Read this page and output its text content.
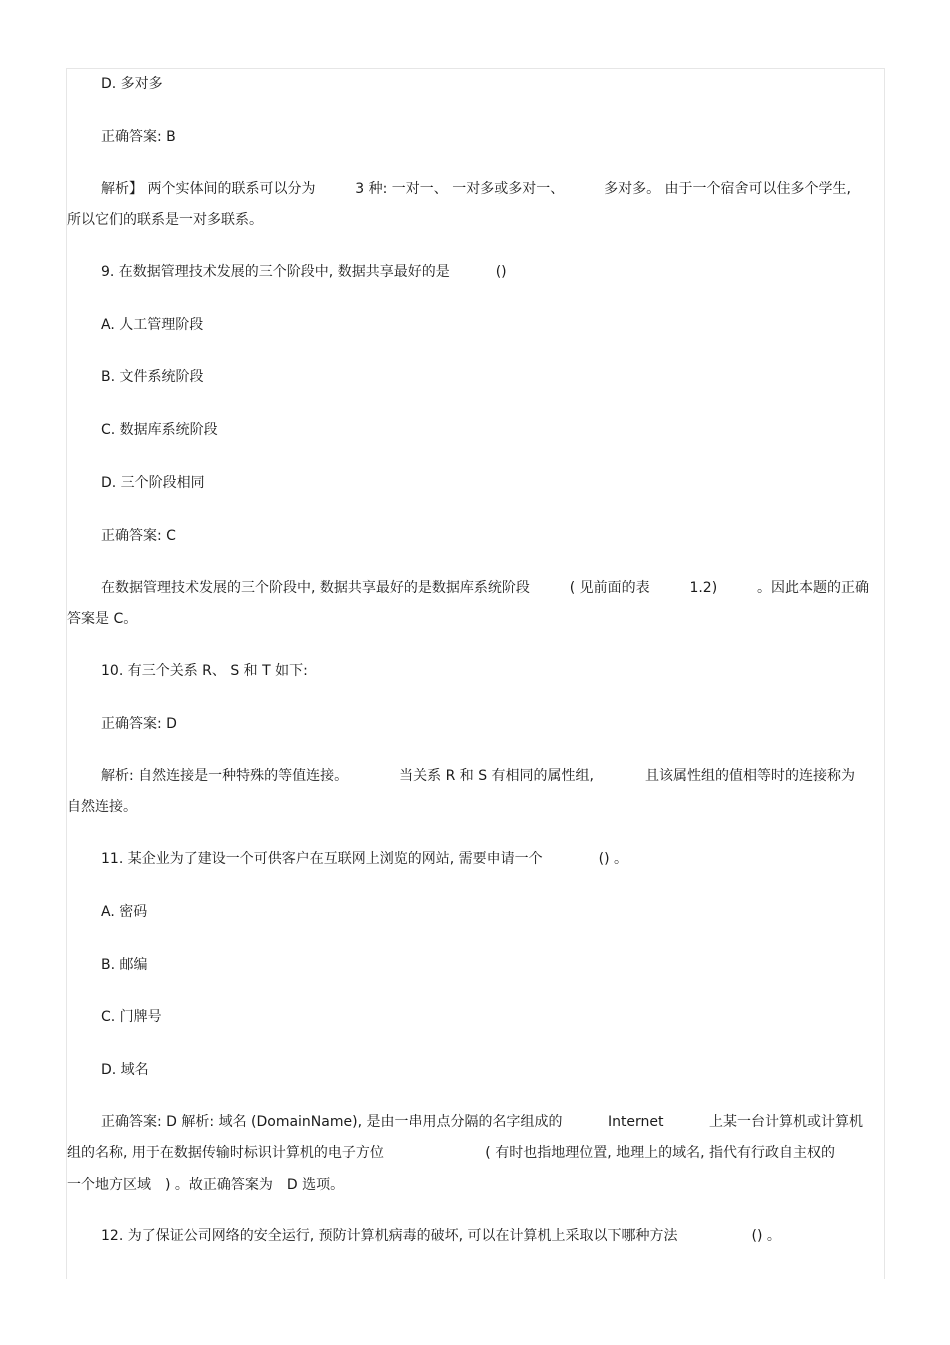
D. 多对多
正确答案: B
解析】 两个实体间的联系可以分为	3 种: 一对一、 一对多或多对一、	多对多。 由于一个宿舍可以住多个学生,
所以它们的联系是一对多联系。
9. 在数据管理技术发展的三个阶段中, 数据共享最好的是	()
A. 人工管理阶段
B. 文件系统阶段
C. 数据库系统阶段
D. 三个阶段相同
正确答案: C
在数据管理技术发展的三个阶段中, 数据共享最好的是数据库系统阶段	( 见前面的表	1.2)	。因此本题的正确
答案是 C。
10. 有三个关系 R、 S 和 T 如下:
正确答案: D
解析: 自然连接是一种特殊的等值连接。	当关系 R 和 S 有相同的属性组,	且该属性组的值相等时的连接称为
自然连接。
11. 某企业为了建设一个可供客户在互联网上浏览的网站, 需要申请一个	() 。
A. 密码
B. 邮编
C. 门牌号
D. 域名
正确答案: D 解析: 域名 (DomainName), 是由一串用点分隔的名字组成的	Internet	上某一台计算机或计算机
组的名称, 用于在数据传输时标识计算机的电子方位	( 有时也指地理位置, 地理上的域名, 指代有行政自主权的
一个地方区域 ) 。故正确答案为 D 选项。
12. 为了保证公司网络的安全运行, 预防计算机病毒的破坏, 可以在计算机上采取以下哪种方法	() 。
